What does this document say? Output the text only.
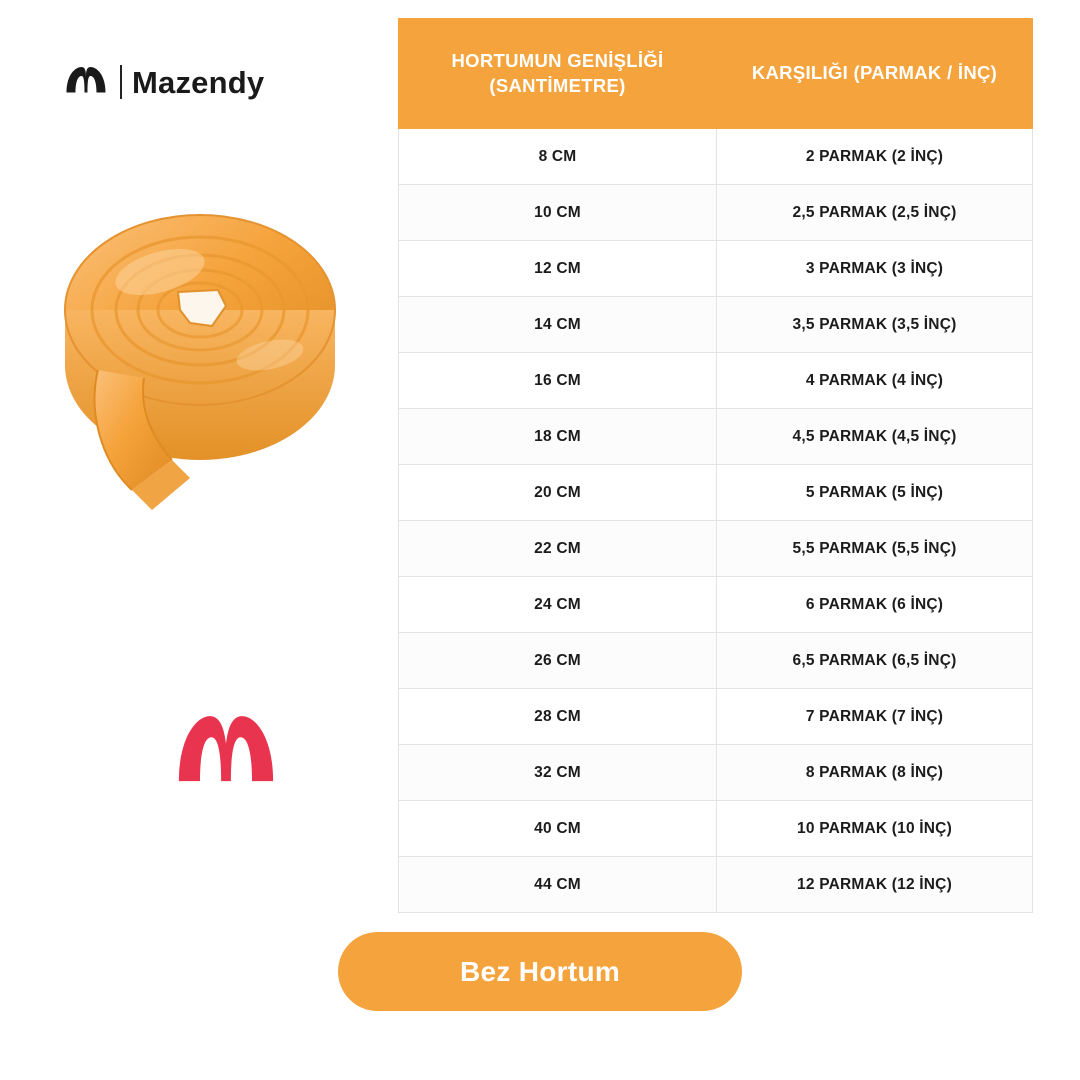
Mazendy
HORTUMUN GENİŞLİĞİ (SANTİMETRE)	KARŞILIĞI (PARMAK / İNÇ)
8 CM	2 PARMAK (2 İNÇ)
10 CM	2,5 PARMAK (2,5 İNÇ)
12 CM	3 PARMAK (3 İNÇ)
14 CM	3,5 PARMAK (3,5 İNÇ)
16 CM	4 PARMAK (4 İNÇ)
18 CM	4,5 PARMAK (4,5 İNÇ)
20 CM	5 PARMAK (5 İNÇ)
22 CM	5,5 PARMAK (5,5 İNÇ)
24 CM	6 PARMAK (6 İNÇ)
26 CM	6,5 PARMAK (6,5 İNÇ)
28 CM	7 PARMAK (7 İNÇ)
32 CM	8 PARMAK (8 İNÇ)
40 CM	10 PARMAK (10 İNÇ)
44 CM	12 PARMAK (12 İNÇ)
Bez Hortum
